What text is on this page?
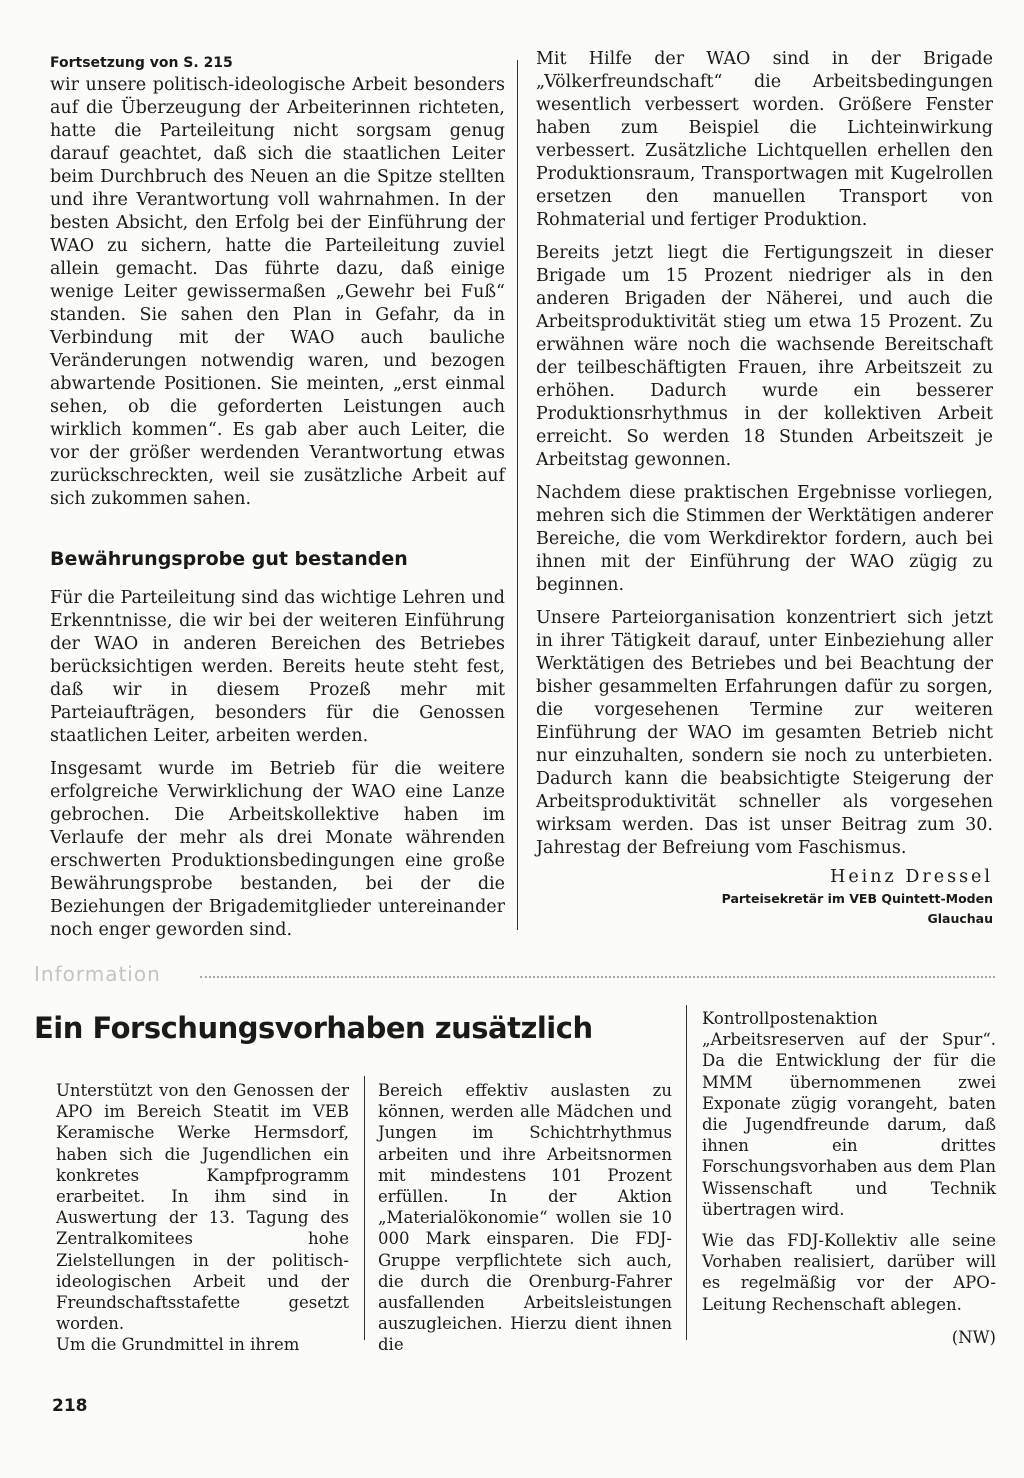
Fortsetzung von S. 215

wir unsere politisch-ideologische Arbeit besonders auf die Überzeugung der Arbeiterinnen richteten, hatte die Parteileitung nicht sorgsam genug darauf geachtet, daß sich die staatlichen Leiter beim Durchbruch des Neuen an die Spitze stellten und ihre Verantwortung voll wahrnahmen. In der besten Absicht, den Erfolg bei der Einführung der WAO zu sichern, hatte die Parteileitung zuviel allein gemacht. Das führte dazu, daß einige wenige Leiter gewissermaßen „Gewehr bei Fuß“ standen. Sie sahen den Plan in Gefahr, da in Verbindung mit der WAO auch bauliche Veränderungen notwendig waren, und bezogen abwartende Positionen. Sie meinten, „erst einmal sehen, ob die geforderten Leistungen auch wirklich kommen“. Es gab aber auch Leiter, die vor der größer werdenden Verantwortung etwas zurückschreckten, weil sie zusätzliche Arbeit auf sich zukommen sahen.

Bewährungsprobe gut bestanden

Für die Parteileitung sind das wichtige Lehren und Erkenntnisse, die wir bei der weiteren Einführung der WAO in anderen Bereichen des Betriebes berücksichtigen werden. Bereits heute steht fest, daß wir in diesem Prozeß mehr mit Parteiaufträgen, besonders für die Genossen staatlichen Leiter, arbeiten werden.

Insgesamt wurde im Betrieb für die weitere erfolgreiche Verwirklichung der WAO eine Lanze gebrochen. Die Arbeitskollektive haben im Verlaufe der mehr als drei Monate währenden erschwerten Produktionsbedingungen eine große Bewährungsprobe bestanden, bei der die Beziehungen der Brigademitglieder untereinander noch enger geworden sind.

Mit Hilfe der WAO sind in der Brigade „Völkerfreundschaft“ die Arbeitsbedingungen wesentlich verbessert worden. Größere Fenster haben zum Beispiel die Lichteinwirkung verbessert. Zusätzliche Lichtquellen erhellen den Produktionsraum, Transportwagen mit Kugelrollen ersetzen den manuellen Transport von Rohmaterial und fertiger Produktion.

Bereits jetzt liegt die Fertigungszeit in dieser Brigade um 15 Prozent niedriger als in den anderen Brigaden der Näherei, und auch die Arbeitsproduktivität stieg um etwa 15 Prozent. Zu erwähnen wäre noch die wachsende Bereitschaft der teilbeschäftigten Frauen, ihre Arbeitszeit zu erhöhen. Dadurch wurde ein besserer Produktionsrhythmus in der kollektiven Arbeit erreicht. So werden 18 Stunden Arbeitszeit je Arbeitstag gewonnen.

Nachdem diese praktischen Ergebnisse vorliegen, mehren sich die Stimmen der Werktätigen anderer Bereiche, die vom Werkdirektor fordern, auch bei ihnen mit der Einführung der WAO zügig zu beginnen.

Unsere Parteiorganisation konzentriert sich jetzt in ihrer Tätigkeit darauf, unter Einbeziehung aller Werktätigen des Betriebes und bei Beachtung der bisher gesammelten Erfahrungen dafür zu sorgen, die vorgesehenen Termine zur weiteren Einführung der WAO im gesamten Betrieb nicht nur einzuhalten, sondern sie noch zu unterbieten. Dadurch kann die beabsichtigte Steigerung der Arbeitsproduktivität schneller als vorgesehen wirksam werden. Das ist unser Beitrag zum 30. Jahrestag der Befreiung vom Faschismus.

Heinz Dressel
Parteisekretär im VEB Quintett-Moden
Glauchau
Information
Ein Forschungsvorhaben zusätzlich

Unterstützt von den Genossen der APO im Bereich Steatit im VEB Keramische Werke Hermsdorf, haben sich die Jugendlichen ein konkretes Kampfprogramm erarbeitet. In ihm sind in Auswertung der 13. Tagung des Zentralkomitees hohe Zielstellungen in der politisch-ideologischen Arbeit und der Freundschaftsstafette gesetzt worden.

Um die Grundmittel in ihrem

Bereich effektiv auslasten zu können, werden alle Mädchen und Jungen im Schichtrhythmus arbeiten und ihre Arbeitsnormen mit mindestens 101 Prozent erfüllen. In der Aktion „Materialökonomie“ wollen sie 10 000 Mark einsparen. Die FDJ-Gruppe verpflichtete sich auch, die durch die Orenburg-Fahrer ausfallenden Arbeitsleistungen auszugleichen. Hierzu dient ihnen die

Kontrollpostenaktion „Arbeitsreserven auf der Spur“. Da die Entwicklung der für die MMM übernommenen zwei Exponate zügig vorangeht, baten die Jugendfreunde darum, daß ihnen ein drittes Forschungsvorhaben aus dem Plan Wissenschaft und Technik übertragen wird.

Wie das FDJ-Kollektiv alle seine Vorhaben realisiert, darüber will es regelmäßig vor der APO-Leitung Rechenschaft ablegen.

(NW)
218
